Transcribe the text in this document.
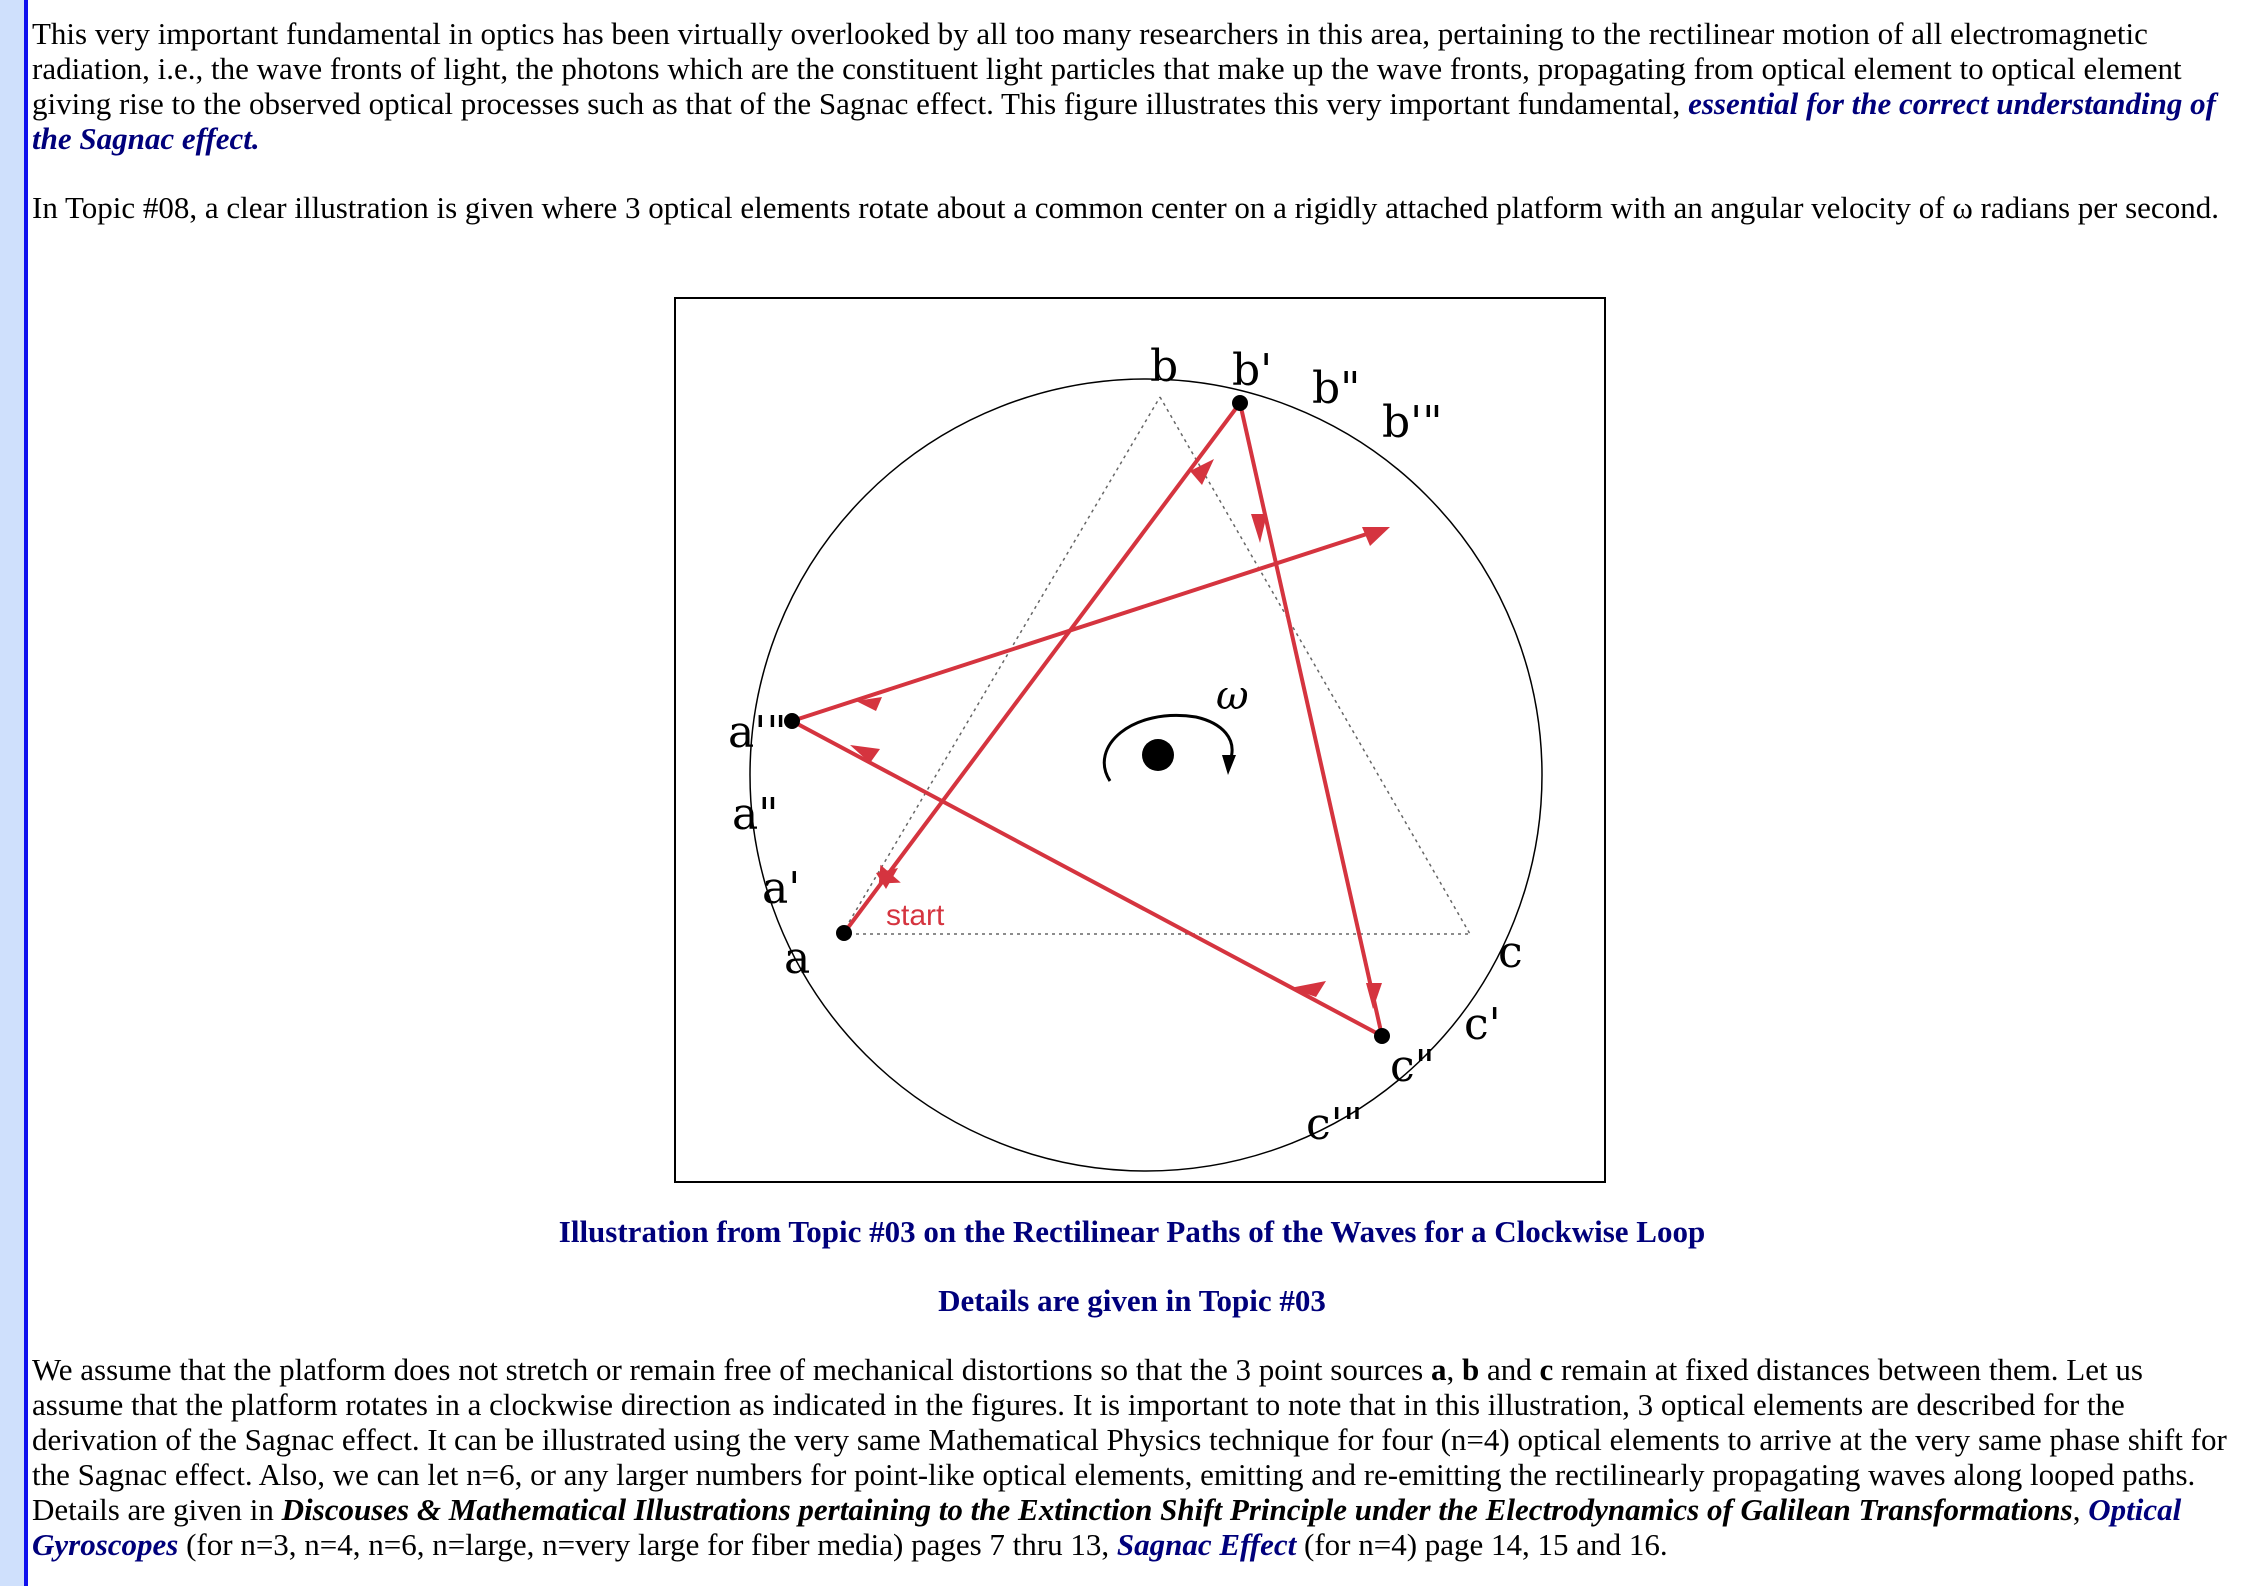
This very important fundamental in optics has been virtually overlooked by all too many researchers in this area, pertaining to the rectilinear motion of all electromagnetic radiation, i.e., the wave fronts of light, the photons which are the constituent light particles that make up the wave fronts, propagating from optical element to optical element giving rise to the observed optical processes such as that of the Sagnac effect. This figure illustrates this very important fundamental, essential for the correct understanding of the Sagnac effect.

In Topic #08, a clear illustration is given where 3 optical elements rotate about a common center on a rigidly attached platform with an angular velocity of ω radians per second.

We assume that the platform does not stretch or remain free of mechanical distortions so that the 3 point sources a, b and c remain at fixed distances between them. Let us assume that the platform rotates in a clockwise direction as indicated in the figures. It is important to note that in this illustration, 3 optical elements are described for the derivation of the Sagnac effect. It can be illustrated using the very same Mathematical Physics technique for four (n=4) optical elements to arrive at the very same phase shift for the Sagnac effect. Also, we can let n=6, or any larger numbers for point-like optical elements, emitting and re-emitting the rectilinearly propagating waves along looped paths. Details are given in Discouses & Mathematical Illustrations pertaining to the Extinction Shift Principle under the Electrodynamics of Galilean Transformations, Optical Gyroscopes (for n=3, n=4, n=6, n=large, n=very large for fiber media) pages 7 thru 13, Sagnac Effect (for n=4) page 14, 15 and 16.

b b' b"
b'"
a'"
a"
a'
a	c
c'
c"
c'"
start
ω
Illustration from Topic #03 on the Rectilinear Paths of the Waves for a Clockwise Loop
Details are given in Topic #03
